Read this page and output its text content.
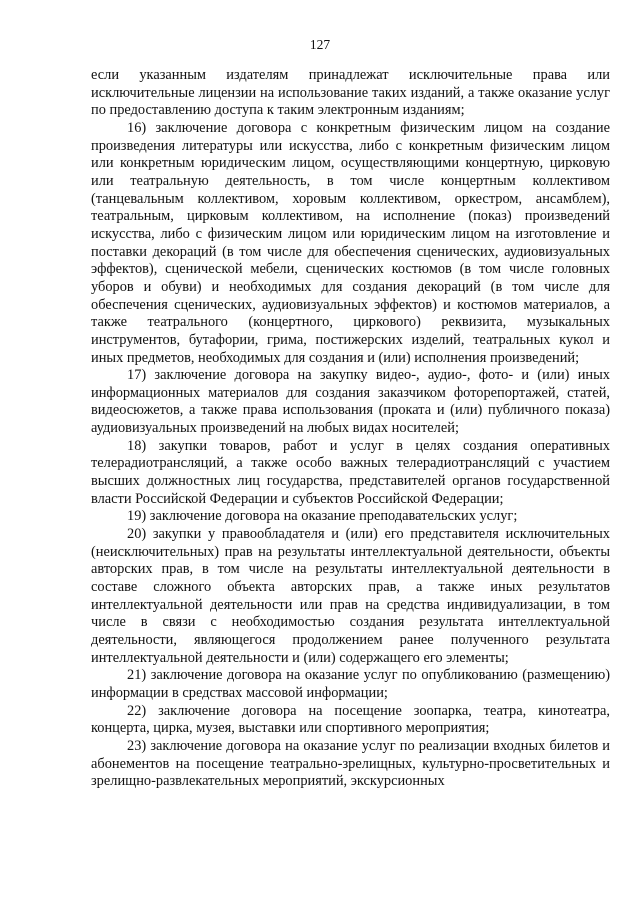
127

если указанным издателям принадлежат исключительные права или исключительные лицензии на использование таких изданий, а также оказание услуг по предоставлению доступа к таким электронным изданиям;

16) заключение договора с конкретным физическим лицом на создание произведения литературы или искусства, либо с конкретным физическим лицом или конкретным юридическим лицом, осуществляющими концертную, цирковую или театральную деятельность, в том числе концертным коллективом (танцевальным коллективом, хоровым коллективом, оркестром, ансамблем), театральным, цирковым коллективом, на исполнение (показ) произведений искусства, либо с физическим лицом или юридическим лицом на изготовление и поставки декораций (в том числе для обеспечения сценических, аудиовизуальных эффектов), сценической мебели, сценических костюмов (в том числе головных уборов и обуви) и необходимых для создания декораций (в том числе для обеспечения сценических, аудиовизуальных эффектов) и костюмов материалов, а также театрального (концертного, циркового) реквизита, музыкальных инструментов, бутафории, грима, постижерских изделий, театральных кукол и иных предметов, необходимых для создания и (или) исполнения произведений;

17) заключение договора на закупку видео-, аудио-, фото- и (или) иных информационных материалов для создания заказчиком фоторепортажей, статей, видеосюжетов, а также права использования (проката и (или) публичного показа) аудиовизуальных произведений на любых видах носителей;

18) закупки товаров, работ и услуг в целях создания оперативных телерадиотрансляций, а также особо важных телерадиотрансляций с участием высших должностных лиц государства, представителей органов государственной власти Российской Федерации и субъектов Российской Федерации;

19) заключение договора на оказание преподавательских услуг;

20) закупки у правообладателя и (или) его представителя исключительных (неисключительных) прав на результаты интеллектуальной деятельности, объекты авторских прав, в том числе на результаты интеллектуальной деятельности в составе сложного объекта авторских прав, а также иных результатов интеллектуальной деятельности или прав на средства индивидуализации, в том числе в связи с необходимостью создания результата интеллектуальной деятельности, являющегося продолжением ранее полученного результата интеллектуальной деятельности и (или) содержащего его элементы;

21) заключение договора на оказание услуг по опубликованию (размещению) информации в средствах массовой информации;

22) заключение договора на посещение зоопарка, театра, кинотеатра, концерта, цирка, музея, выставки или спортивного мероприятия;

23) заключение договора на оказание услуг по реализации входных билетов и абонементов на посещение театрально-зрелищных, культурно-просветительных и зрелищно-развлекательных мероприятий, экскурсионных
